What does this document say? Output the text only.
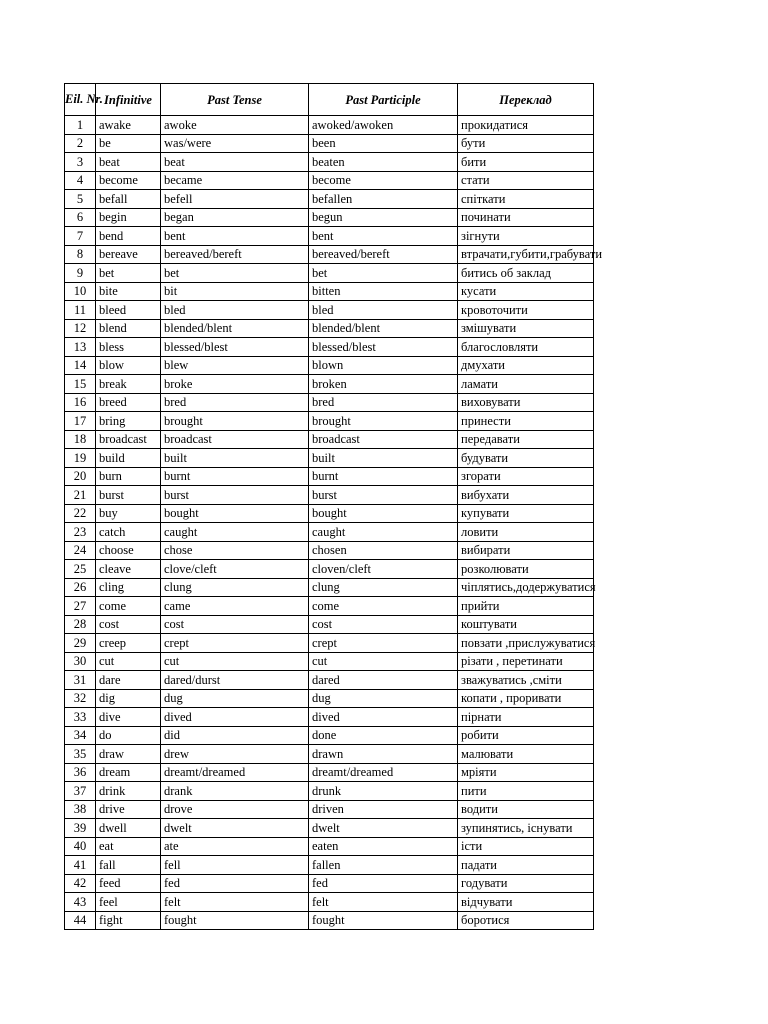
Eil. Nr.	Infinitive	Past Tense	Past Participle	Переклад
1	awake	awoke	awoked/awoken	прокидатися
2	be	was/were	been	бути
3	beat	beat	beaten	бити
4	become	became	become	стати
5	befall	befell	befallen	спіткати
6	begin	began	begun	починати
7	bend	bent	bent	зігнути
8	bereave	bereaved/bereft	bereaved/bereft	втрачати,губити,грабувати
9	bet	bet	bet	битись об заклад
10	bite	bit	bitten	кусати
11	bleed	bled	bled	кровоточити
12	blend	blended/blent	blended/blent	змішувати
13	bless	blessed/blest	blessed/blest	благословляти
14	blow	blew	blown	дмухати
15	break	broke	broken	ламати
16	breed	bred	bred	виховувати
17	bring	brought	brought	принести
18	broadcast	broadcast	broadcast	передавати
19	build	built	built	будувати
20	burn	burnt	burnt	згорати
21	burst	burst	burst	вибухати
22	buy	bought	bought	купувати
23	catch	caught	caught	ловити
24	choose	chose	chosen	вибирати
25	cleave	clove/cleft	cloven/cleft	розколювати
26	cling	clung	clung	чіплятись,додержуватися
27	come	came	come	прийти
28	cost	cost	cost	коштувати
29	creep	crept	crept	повзати ,прислужуватися
30	cut	cut	cut	різати , перетинати
31	dare	dared/durst	dared	зважуватись ,сміти
32	dig	dug	dug	копати , проривати
33	dive	dived	dived	пірнати
34	do	did	done	робити
35	draw	drew	drawn	малювати
36	dream	dreamt/dreamed	dreamt/dreamed	мріяти
37	drink	drank	drunk	пити
38	drive	drove	driven	водити
39	dwell	dwelt	dwelt	зупинятись, існувати
40	eat	ate	eaten	істи
41	fall	fell	fallen	падати
42	feed	fed	fed	годувати
43	feel	felt	felt	відчувати
44	fight	fought	fought	боротися
